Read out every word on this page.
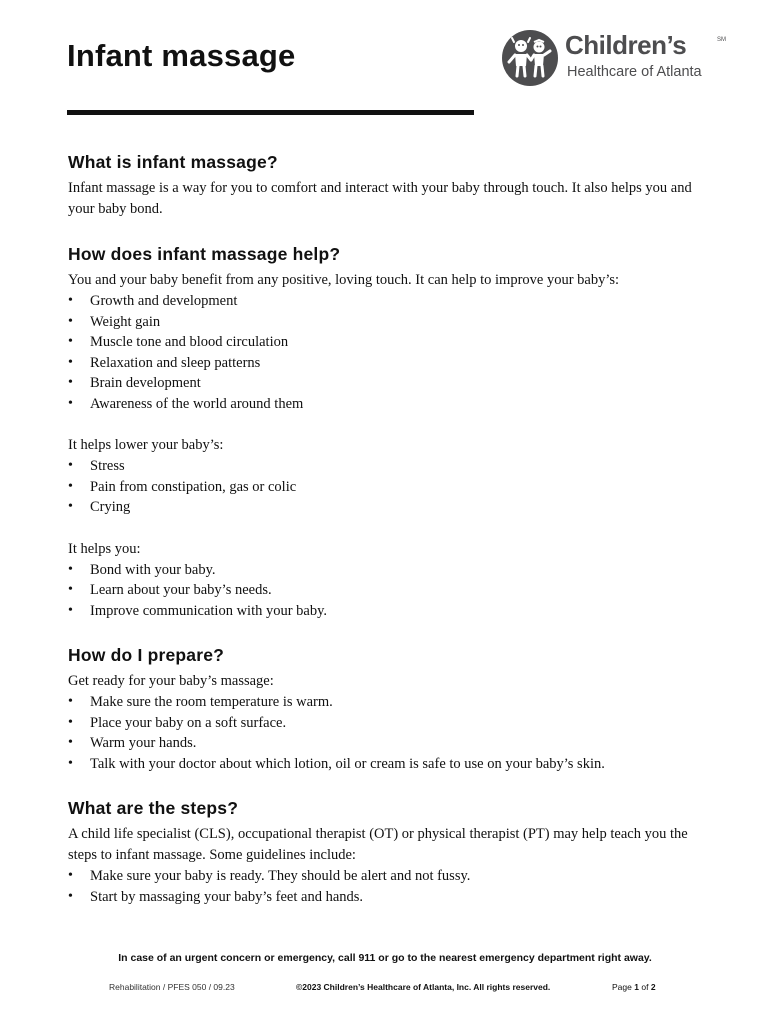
Infant massage	Children’s	SM
Healthcare of Atlanta
What is infant massage?

Infant massage is a way for you to comfort and interact with your baby through touch. It also helps you and your baby bond.

How does infant massage help?

You and your baby benefit from any positive, loving touch. It can help to improve your baby’s:

• Growth and development
• Weight gain
• Muscle tone and blood circulation
• Relaxation and sleep patterns
• Brain development
• Awareness of the world around them

It helps lower your baby’s:

• Stress
• Pain from constipation, gas or colic
• Crying

It helps you:

• Bond with your baby.
• Learn about your baby’s needs.
• Improve communication with your baby.
How do I prepare?

Get ready for your baby’s massage:

• Make sure the room temperature is warm.
• Place your baby on a soft surface.
• Warm your hands.
• Talk with your doctor about which lotion, oil or cream is safe to use on your baby’s skin.
What are the steps?

A child life specialist (CLS), occupational therapist (OT) or physical therapist (PT) may help teach you the steps to infant massage. Some guidelines include:

• Make sure your baby is ready. They should be alert and not fussy.
• Start by massaging your baby’s feet and hands.
In case of an urgent concern or emergency, call 911 or go to the nearest emergency department right away.
Rehabilitation / PFES 050 / 09.23	©2023 Children’s Healthcare of Atlanta, Inc. All rights reserved.	Page 1 of 2
